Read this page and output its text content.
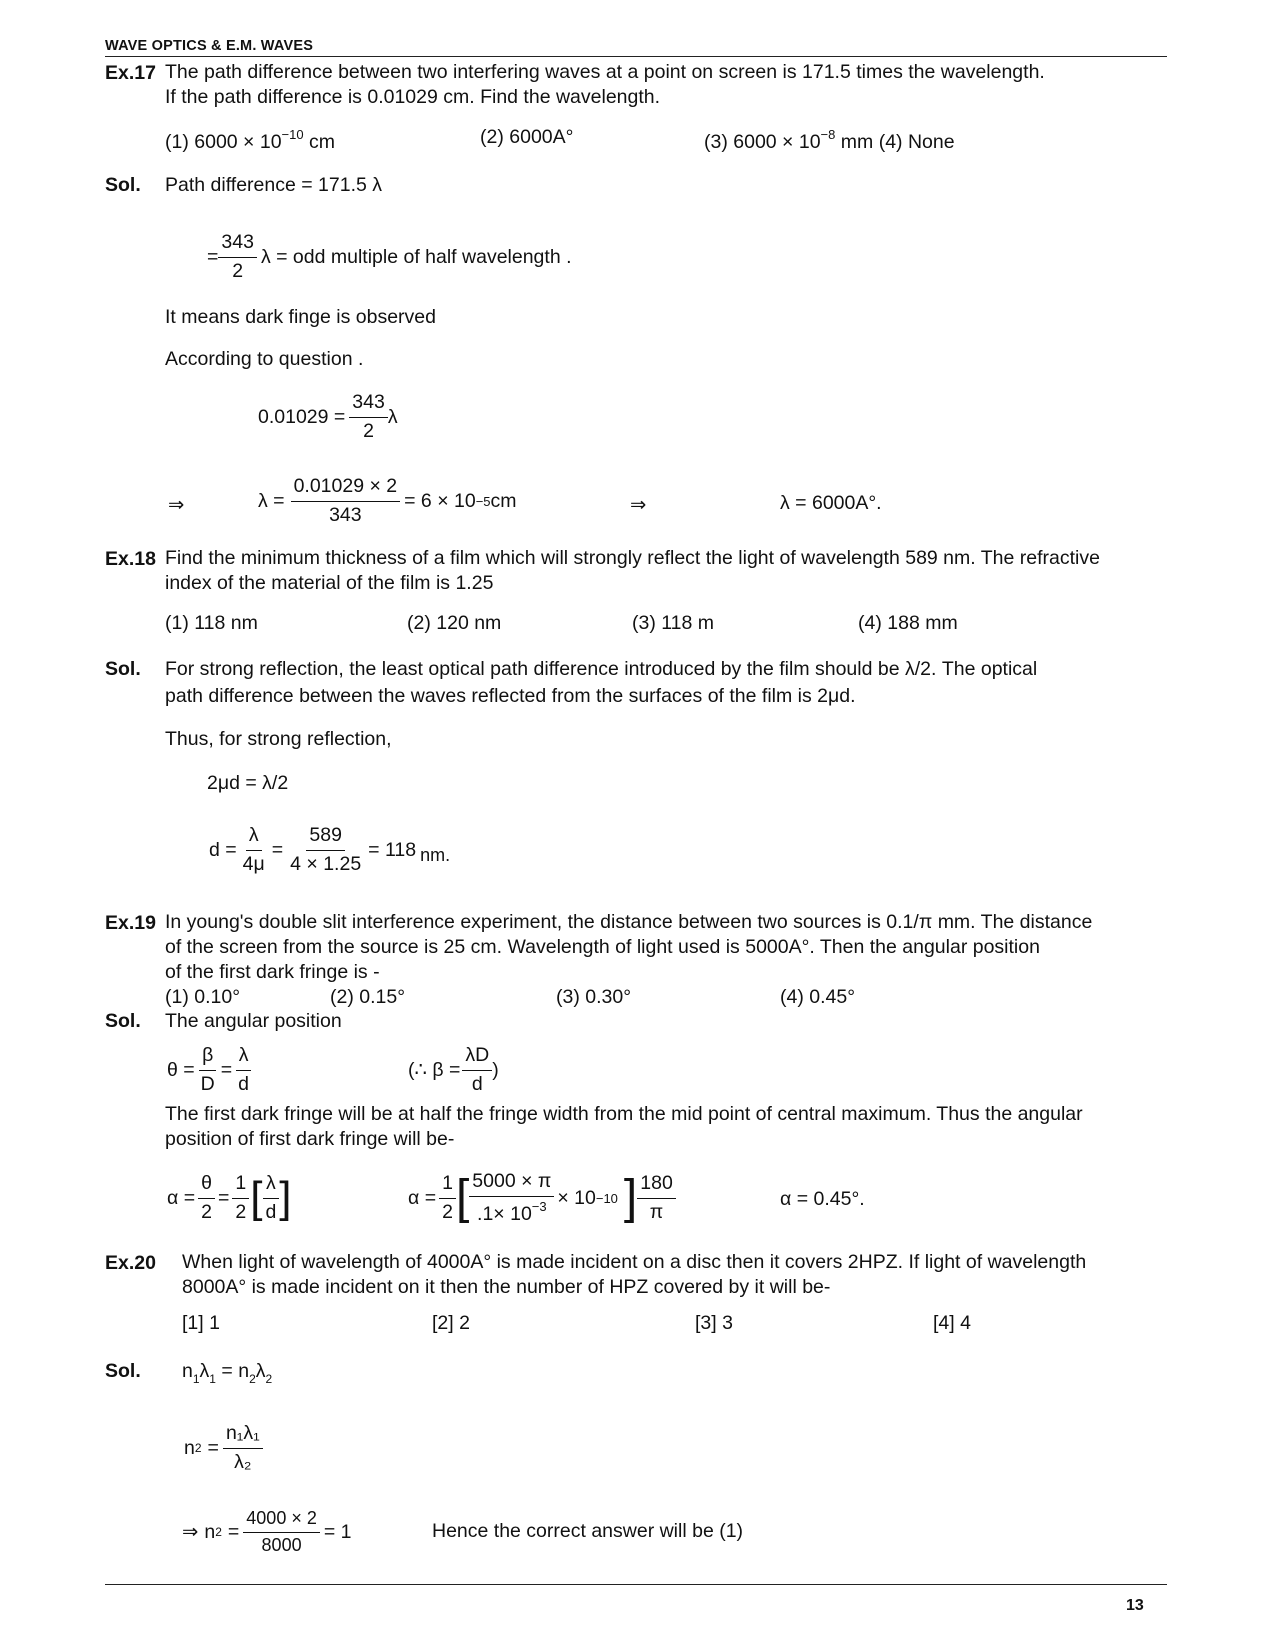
WAVE OPTICS & E.M. WAVES
Ex.17 The path difference between two interfering waves at a point on screen is 171.5 times the wavelength.
If the path difference is 0.01029 cm. Find the wavelength.
(1) $6000 \times 10^{-10}$ cm	(2) 6000A°	(3) $6000 \times 10^{-8}$ mm (4) None
Sol. Path difference = 171.5 λ
= $\frac{343}{2}$ λ = odd multiple of half wavelength .
It means dark finge is observed
According to question .
$0.01029 = \frac{343}{2}$ λ
⇒	$\lambda = \frac{0.01029 \times 2}{343} = 6 \times 10 -5$ cm	⇒	λ = 6000A°.
Ex.18 Find the minimum thickness of a film which will strongly reflect the light of wavelength 589 nm. The refractive
index of the material of the film is 1.25
(1) 118 nm	(2) 120 nm	(3) 118 m	(4) 188 mm
Sol. For strong reflection, the least optical path difference introduced by the film should be λ/2. The optical
path difference between the waves reflected from the surfaces of the film is 2μd.
Thus, for strong reflection,
2μd = λ/2
$d = \frac{\lambda}{4\mu} = \frac{589}{4 \times 1.25} = 118$ nm.
Ex.19 In young's double slit interference experiment, the distance between two sources is 0.1/π mm. The distance
of the screen from the source is 25 cm. Wavelength of light used is 5000A°. Then the angular position
of the first dark fringe is -
(1) 0.10°	(2) 0.15°	(3) 0.30°	(4) 0.45°
Sol. The angular position
$\theta = \frac{\beta}{D} = \frac{\lambda}{d}$	(∴ $\beta = \frac{\lambda D}{d}$ )
The first dark fringe will be at half the fringe width from the mid point of central maximum. Thus the angular
position of first dark fringe will be-
$\alpha = \frac{\theta}{2} = \frac{1}{2}$ [ λ
d ]	$\alpha = \frac{1}{2}$ [ $\frac{5000 \times \pi}{.1\times 10^{-3}} \times 10 -10$ ] 180
π
α = 0.45°.
Ex.20 When light of wavelength of 4000A° is made incident on a disc then it covers 2HPZ. If light of wavelength
8000A° is made incident on it then the number of HPZ covered by it will be-
[1] 1	[2] 2	[3] 3	[4] 4
Sol. $n_1\lambda_1 = n_2\lambda_2$
n $2 = \frac{\text{n₁λ₁}}{\text{λ₂}}$
⇒ n $2 = \frac{4000 \times 2}{8000} = 1$	Hence the correct answer will be (1)
13
